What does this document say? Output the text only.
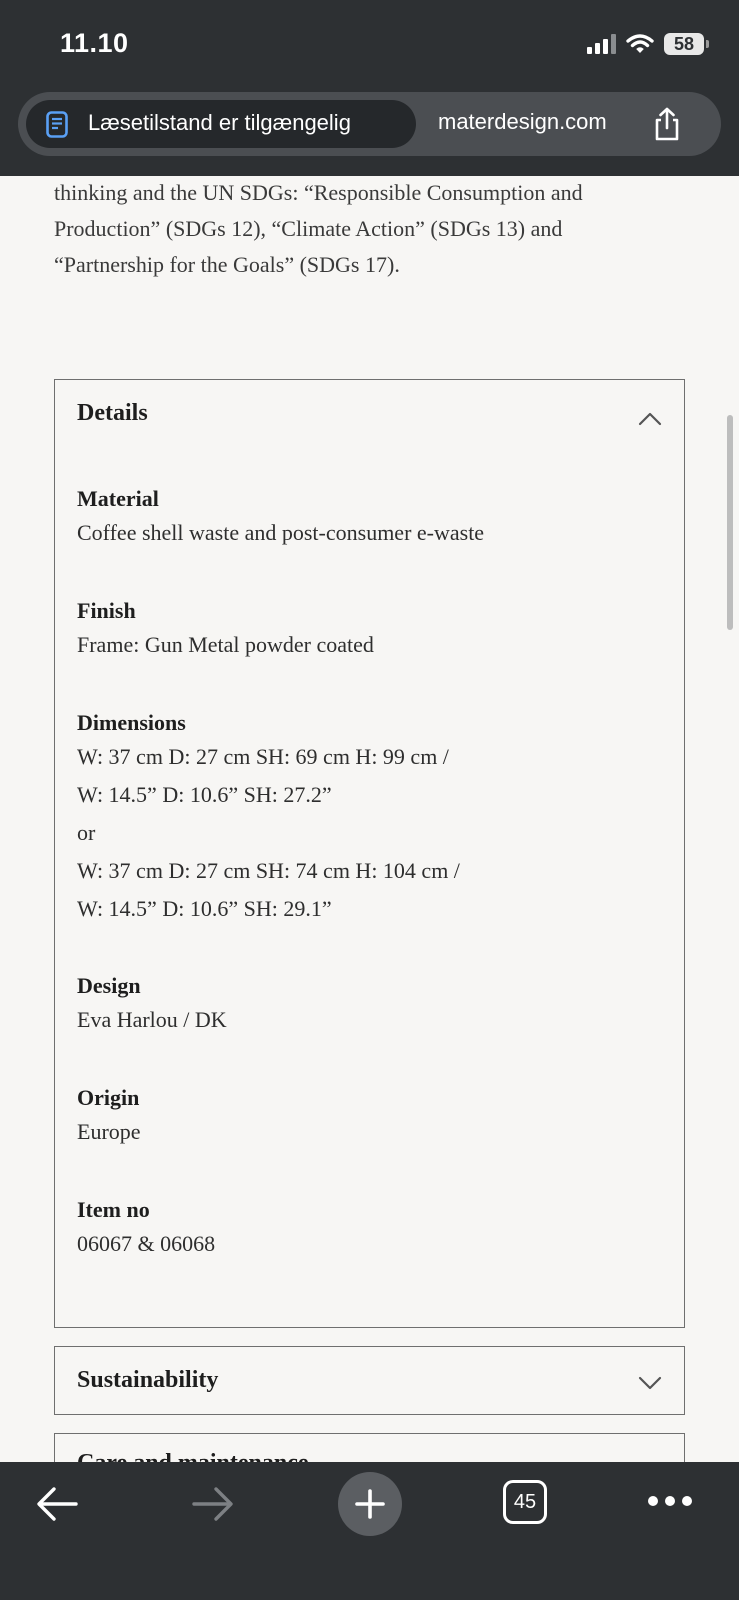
11.10	58
Læsetilstand er tilgængelig	materdesign.com

thinking and the UN SDGs: “Responsible Consumption and

Production” (SDGs 12), “Climate Action” (SDGs 13) and

“Partnership for the Goals” (SDGs 17).

Details
Material
Coffee shell waste and post-consumer e-waste
Finish
Frame: Gun Metal powder coated
Dimensions
W: 37 cm D: 27 cm SH: 69 cm H: 99 cm /
W: 14.5” D: 10.6” SH: 27.2”
or
W: 37 cm D: 27 cm SH: 74 cm H: 104 cm /
W: 14.5” D: 10.6” SH: 29.1”
Design
Eva Harlou / DK
Origin
Europe
Item no
06067 & 06068
Sustainability
45
